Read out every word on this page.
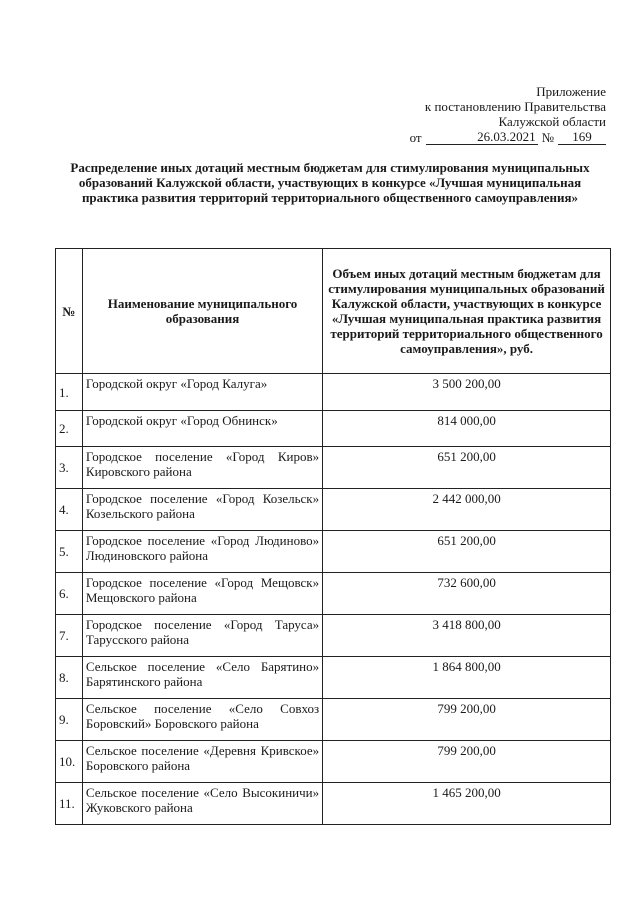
Приложение
к постановлению Правительства
Калужской области
от	26.03.2021 №	169
Распределение иных дотаций местным бюджетам для стимулирования муниципальных образований Калужской области, участвующих в конкурсе «Лучшая муниципальная практика развития территорий территориального общественного самоуправления»
№	Наименование муниципального образования	Объем иных дотаций местным бюджетам для стимулирования муниципальных образований Калужской области, участвующих в конкурсе «Лучшая муниципальная практика развития территорий территориального общественного самоуправления», руб.
1.	Городской округ «Город Калуга»	3 500 200,00
2.	Городской округ «Город Обнинск»	814 000,00
3.	Городское поселение «Город Киров» Кировского района	651 200,00
4.	Городское поселение «Город Козельск» Козельского района	2 442 000,00
5.	Городское поселение «Город Людиново» Людиновского района	651 200,00
6.	Городское поселение «Город Мещовск» Мещовского района	732 600,00
7.	Городское поселение «Город Таруса» Тарусского района	3 418 800,00
8.	Сельское поселение «Село Барятино» Барятинского района	1 864 800,00
9.	Сельское поселение «Село Совхоз Боровский» Боровского района	799 200,00
10.	Сельское поселение «Деревня Кривское» Боровского района	799 200,00
11.	Сельское поселение «Село Высокиничи» Жуковского района	1 465 200,00
